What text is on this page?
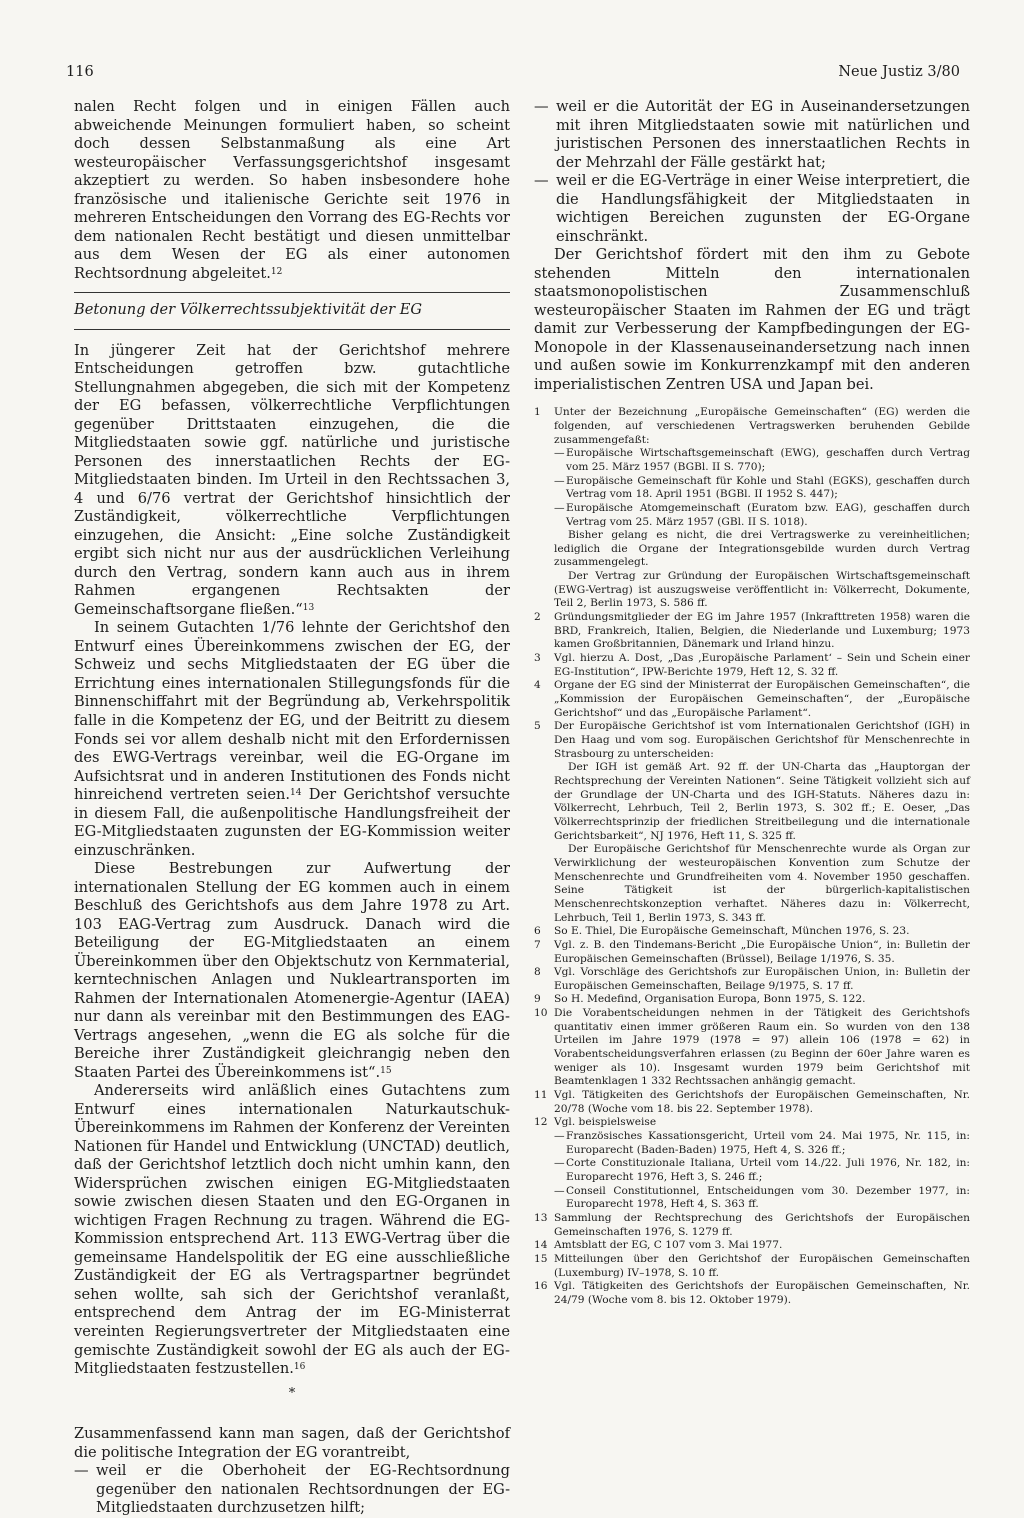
116	Neue Justiz 3/80

nalen Recht folgen und in einigen Fällen auch abweichende Meinungen formuliert haben, so scheint doch dessen Selbstanmaßung als eine Art westeuropäischer Verfassungsgerichtshof insgesamt akzeptiert zu werden. So haben insbesondere hohe französische und italienische Gerichte seit 1976 in mehreren Entscheidungen den Vorrang des EG-Rechts vor dem nationalen Recht bestätigt und diesen unmittelbar aus dem Wesen der EG als einer autonomen Rechtsordnung abgeleitet.$^{12}$

Betonung der Völkerrechtssubjektivität der EG

In jüngerer Zeit hat der Gerichtshof mehrere Entscheidungen getroffen bzw. gutachtliche Stellungnahmen abgegeben, die sich mit der Kompetenz der EG befassen, völkerrechtliche Verpflichtungen gegenüber Drittstaaten einzugehen, die die Mitgliedstaaten sowie ggf. natürliche und juristische Personen des innerstaatlichen Rechts der EG-Mitgliedstaaten binden. Im Urteil in den Rechtssachen 3, 4 und 6/76 vertrat der Gerichtshof hinsichtlich der Zuständigkeit, völkerrechtliche Verpflichtungen einzugehen, die Ansicht: „Eine solche Zuständigkeit ergibt sich nicht nur aus der ausdrücklichen Verleihung durch den Vertrag, sondern kann auch aus in ihrem Rahmen ergangenen Rechtsakten der Gemeinschaftsorgane fließen.“$^{13}$

In seinem Gutachten 1/76 lehnte der Gerichtshof den Entwurf eines Übereinkommens zwischen der EG, der Schweiz und sechs Mitgliedstaaten der EG über die Errichtung eines internationalen Stillegungsfonds für die Binnenschiffahrt mit der Begründung ab, Verkehrspolitik falle in die Kompetenz der EG, und der Beitritt zu diesem Fonds sei vor allem deshalb nicht mit den Erfordernissen des EWG-Vertrags vereinbar, weil die EG-Organe im Aufsichtsrat und in anderen Institutionen des Fonds nicht hinreichend vertreten seien.$^{14}$ Der Gerichtshof versuchte in diesem Fall, die außenpolitische Handlungsfreiheit der EG-Mitgliedstaaten zugunsten der EG-Kommission weiter einzuschränken.

Diese Bestrebungen zur Aufwertung der internationalen Stellung der EG kommen auch in einem Beschluß des Gerichtshofs aus dem Jahre 1978 zu Art. 103 EAG-Vertrag zum Ausdruck. Danach wird die Beteiligung der EG-Mitgliedstaaten an einem Übereinkommen über den Objektschutz von Kernmaterial, kerntechnischen Anlagen und Nukleartransporten im Rahmen der Internationalen Atomenergie-Agentur (IAEA) nur dann als vereinbar mit den Bestimmungen des EAG-Vertrags angesehen, „wenn die EG als solche für die Bereiche ihrer Zuständigkeit gleichrangig neben den Staaten Partei des Übereinkommens ist“.$^{15}$

Andererseits wird anläßlich eines Gutachtens zum Entwurf eines internationalen Naturkautschuk-Übereinkommens im Rahmen der Konferenz der Vereinten Nationen für Handel und Entwicklung (UNCTAD) deutlich, daß der Gerichtshof letztlich doch nicht umhin kann, den Widersprüchen zwischen einigen EG-Mitgliedstaaten sowie zwischen diesen Staaten und den EG-Organen in wichtigen Fragen Rechnung zu tragen. Während die EG-Kommission entsprechend Art. 113 EWG-Vertrag über die gemeinsame Handelspolitik der EG eine ausschließliche Zuständigkeit der EG als Vertragspartner begründet sehen wollte, sah sich der Gerichtshof veranlaßt, entsprechend dem Antrag der im EG-Ministerrat vereinten Regierungsvertreter der Mitgliedstaaten eine gemischte Zuständigkeit sowohl der EG als auch der EG-Mitgliedstaaten festzustellen.$^{16}$

*

Zusammenfassend kann man sagen, daß der Gerichtshof die politische Integration der EG vorantreibt,

— weil er die Oberhoheit der EG-Rechtsordnung gegenüber den nationalen Rechtsordnungen der EG-Mitgliedstaaten durchzusetzen hilft;
— weil er die Autorität der EG in Auseinandersetzungen mit ihren Mitgliedstaaten sowie mit natürlichen und juristischen Personen des innerstaatlichen Rechts in der Mehrzahl der Fälle gestärkt hat;
— weil er die EG-Verträge in einer Weise interpretiert, die die Handlungsfähigkeit der Mitgliedstaaten in wichtigen Bereichen zugunsten der EG-Organe einschränkt.

Der Gerichtshof fördert mit den ihm zu Gebote stehenden Mitteln den internationalen staatsmonopolistischen Zusammenschluß westeuropäischer Staaten im Rahmen der EG und trägt damit zur Verbesserung der Kampfbedingungen der EG-Monopole in der Klassenauseinandersetzung nach innen und außen sowie im Konkurrenzkampf mit den anderen imperialistischen Zentren USA und Japan bei.

1	Unter der Bezeichnung „Europäische Gemeinschaften“ (EG) werden die folgenden, auf verschiedenen Vertragswerken beruhenden Gebilde zusammengefaßt:
— Europäische Wirtschaftsgemeinschaft (EWG), geschaffen durch Vertrag vom 25. März 1957 (BGBl. II S. 770);
— Europäische Gemeinschaft für Kohle und Stahl (EGKS), geschaffen durch Vertrag vom 18. April 1951 (BGBl. II 1952 S. 447);
— Europäische Atomgemeinschaft (Euratom bzw. EAG), geschaffen durch Vertrag vom 25. März 1957 (GBl. II S. 1018).
Bisher gelang es nicht, die drei Vertragswerke zu vereinheitlichen; lediglich die Organe der Integrationsgebilde wurden durch Vertrag zusammengelegt.
Der Vertrag zur Gründung der Europäischen Wirtschaftsgemeinschaft (EWG-Vertrag) ist auszugsweise veröffentlicht in: Völkerrecht, Dokumente, Teil 2, Berlin 1973, S. 586 ff.
2	Gründungsmitglieder der EG im Jahre 1957 (Inkrafttreten 1958) waren die BRD, Frankreich, Italien, Belgien, die Niederlande und Luxemburg; 1973 kamen Großbritannien, Dänemark und Irland hinzu.
3	Vgl. hierzu A. Dost, „Das ‚Europäische Parlament‘ – Sein und Schein einer EG-Institution“, IPW-Berichte 1979, Heft 12, S. 32 ff.
4	Organe der EG sind der Ministerrat der Europäischen Gemeinschaften“, die „Kommission der Europäischen Gemeinschaften“, der „Europäische Gerichtshof“ und das „Europäische Parlament“.
5	Der Europäische Gerichtshof ist vom Internationalen Gerichtshof (IGH) in Den Haag und vom sog. Europäischen Gerichtshof für Menschenrechte in Strasbourg zu unterscheiden:
Der IGH ist gemäß Art. 92 ff. der UN-Charta das „Hauptorgan der Rechtsprechung der Vereinten Nationen“. Seine Tätigkeit vollzieht sich auf der Grundlage der UN-Charta und des IGH-Statuts. Näheres dazu in: Völkerrecht, Lehrbuch, Teil 2, Berlin 1973, S. 302 ff.; E. Oeser, „Das Völkerrechtsprinzip der friedlichen Streitbeilegung und die internationale Gerichtsbarkeit“, NJ 1976, Heft 11, S. 325 ff.
Der Europäische Gerichtshof für Menschenrechte wurde als Organ zur Verwirklichung der westeuropäischen Konvention zum Schutze der Menschenrechte und Grundfreiheiten vom 4. November 1950 geschaffen. Seine Tätigkeit ist der bürgerlich-kapitalistischen Menschenrechtskonzeption verhaftet. Näheres dazu in: Völkerrecht, Lehrbuch, Teil 1, Berlin 1973, S. 343 ff.
6	So E. Thiel, Die Europäische Gemeinschaft, München 1976, S. 23.
7	Vgl. z. B. den Tindemans-Bericht „Die Europäische Union“, in: Bulletin der Europäischen Gemeinschaften (Brüssel), Beilage 1/1976, S. 35.
8	Vgl. Vorschläge des Gerichtshofs zur Europäischen Union, in: Bulletin der Europäischen Gemeinschaften, Beilage 9/1975, S. 17 ff.
9	So H. Medefind, Organisation Europa, Bonn 1975, S. 122.
10 Die Vorabentscheidungen nehmen in der Tätigkeit des Gerichtshofs quantitativ einen immer größeren Raum ein. So wurden von den 138 Urteilen im Jahre 1979 (1978 = 97) allein 106 (1978 = 62) in Vorabentscheidungsverfahren erlassen (zu Beginn der 60er Jahre waren es weniger als 10). Insgesamt wurden 1979 beim Gerichtshof mit Beamtenklagen 1 332 Rechtssachen anhängig gemacht.
11 Vgl. Tätigkeiten des Gerichtshofs der Europäischen Gemeinschaften, Nr. 20/78 (Woche vom 18. bis 22. September 1978).
12 Vgl. beispielsweise
— Französisches Kassationsgericht, Urteil vom 24. Mai 1975, Nr. 115, in: Europarecht (Baden-Baden) 1975, Heft 4, S. 326 ff.;
— Corte Constituzionale Italiana, Urteil vom 14./22. Juli 1976, Nr. 182, in: Europarecht 1976, Heft 3, S. 246 ff.;
— Conseil Constitutionnel, Entscheidungen vom 30. Dezember 1977, in: Europarecht 1978, Heft 4, S. 363 ff.
13 Sammlung der Rechtsprechung des Gerichtshofs der Europäischen Gemeinschaften 1976, S. 1279 ff.
14 Amtsblatt der EG, C 107 vom 3. Mai 1977.
15 Mitteilungen über den Gerichtshof der Europäischen Gemeinschaften (Luxemburg) IV–1978, S. 10 ff.
16 Vgl. Tätigkeiten des Gerichtshofs der Europäischen Gemeinschaften, Nr. 24/79 (Woche vom 8. bis 12. Oktober 1979).
